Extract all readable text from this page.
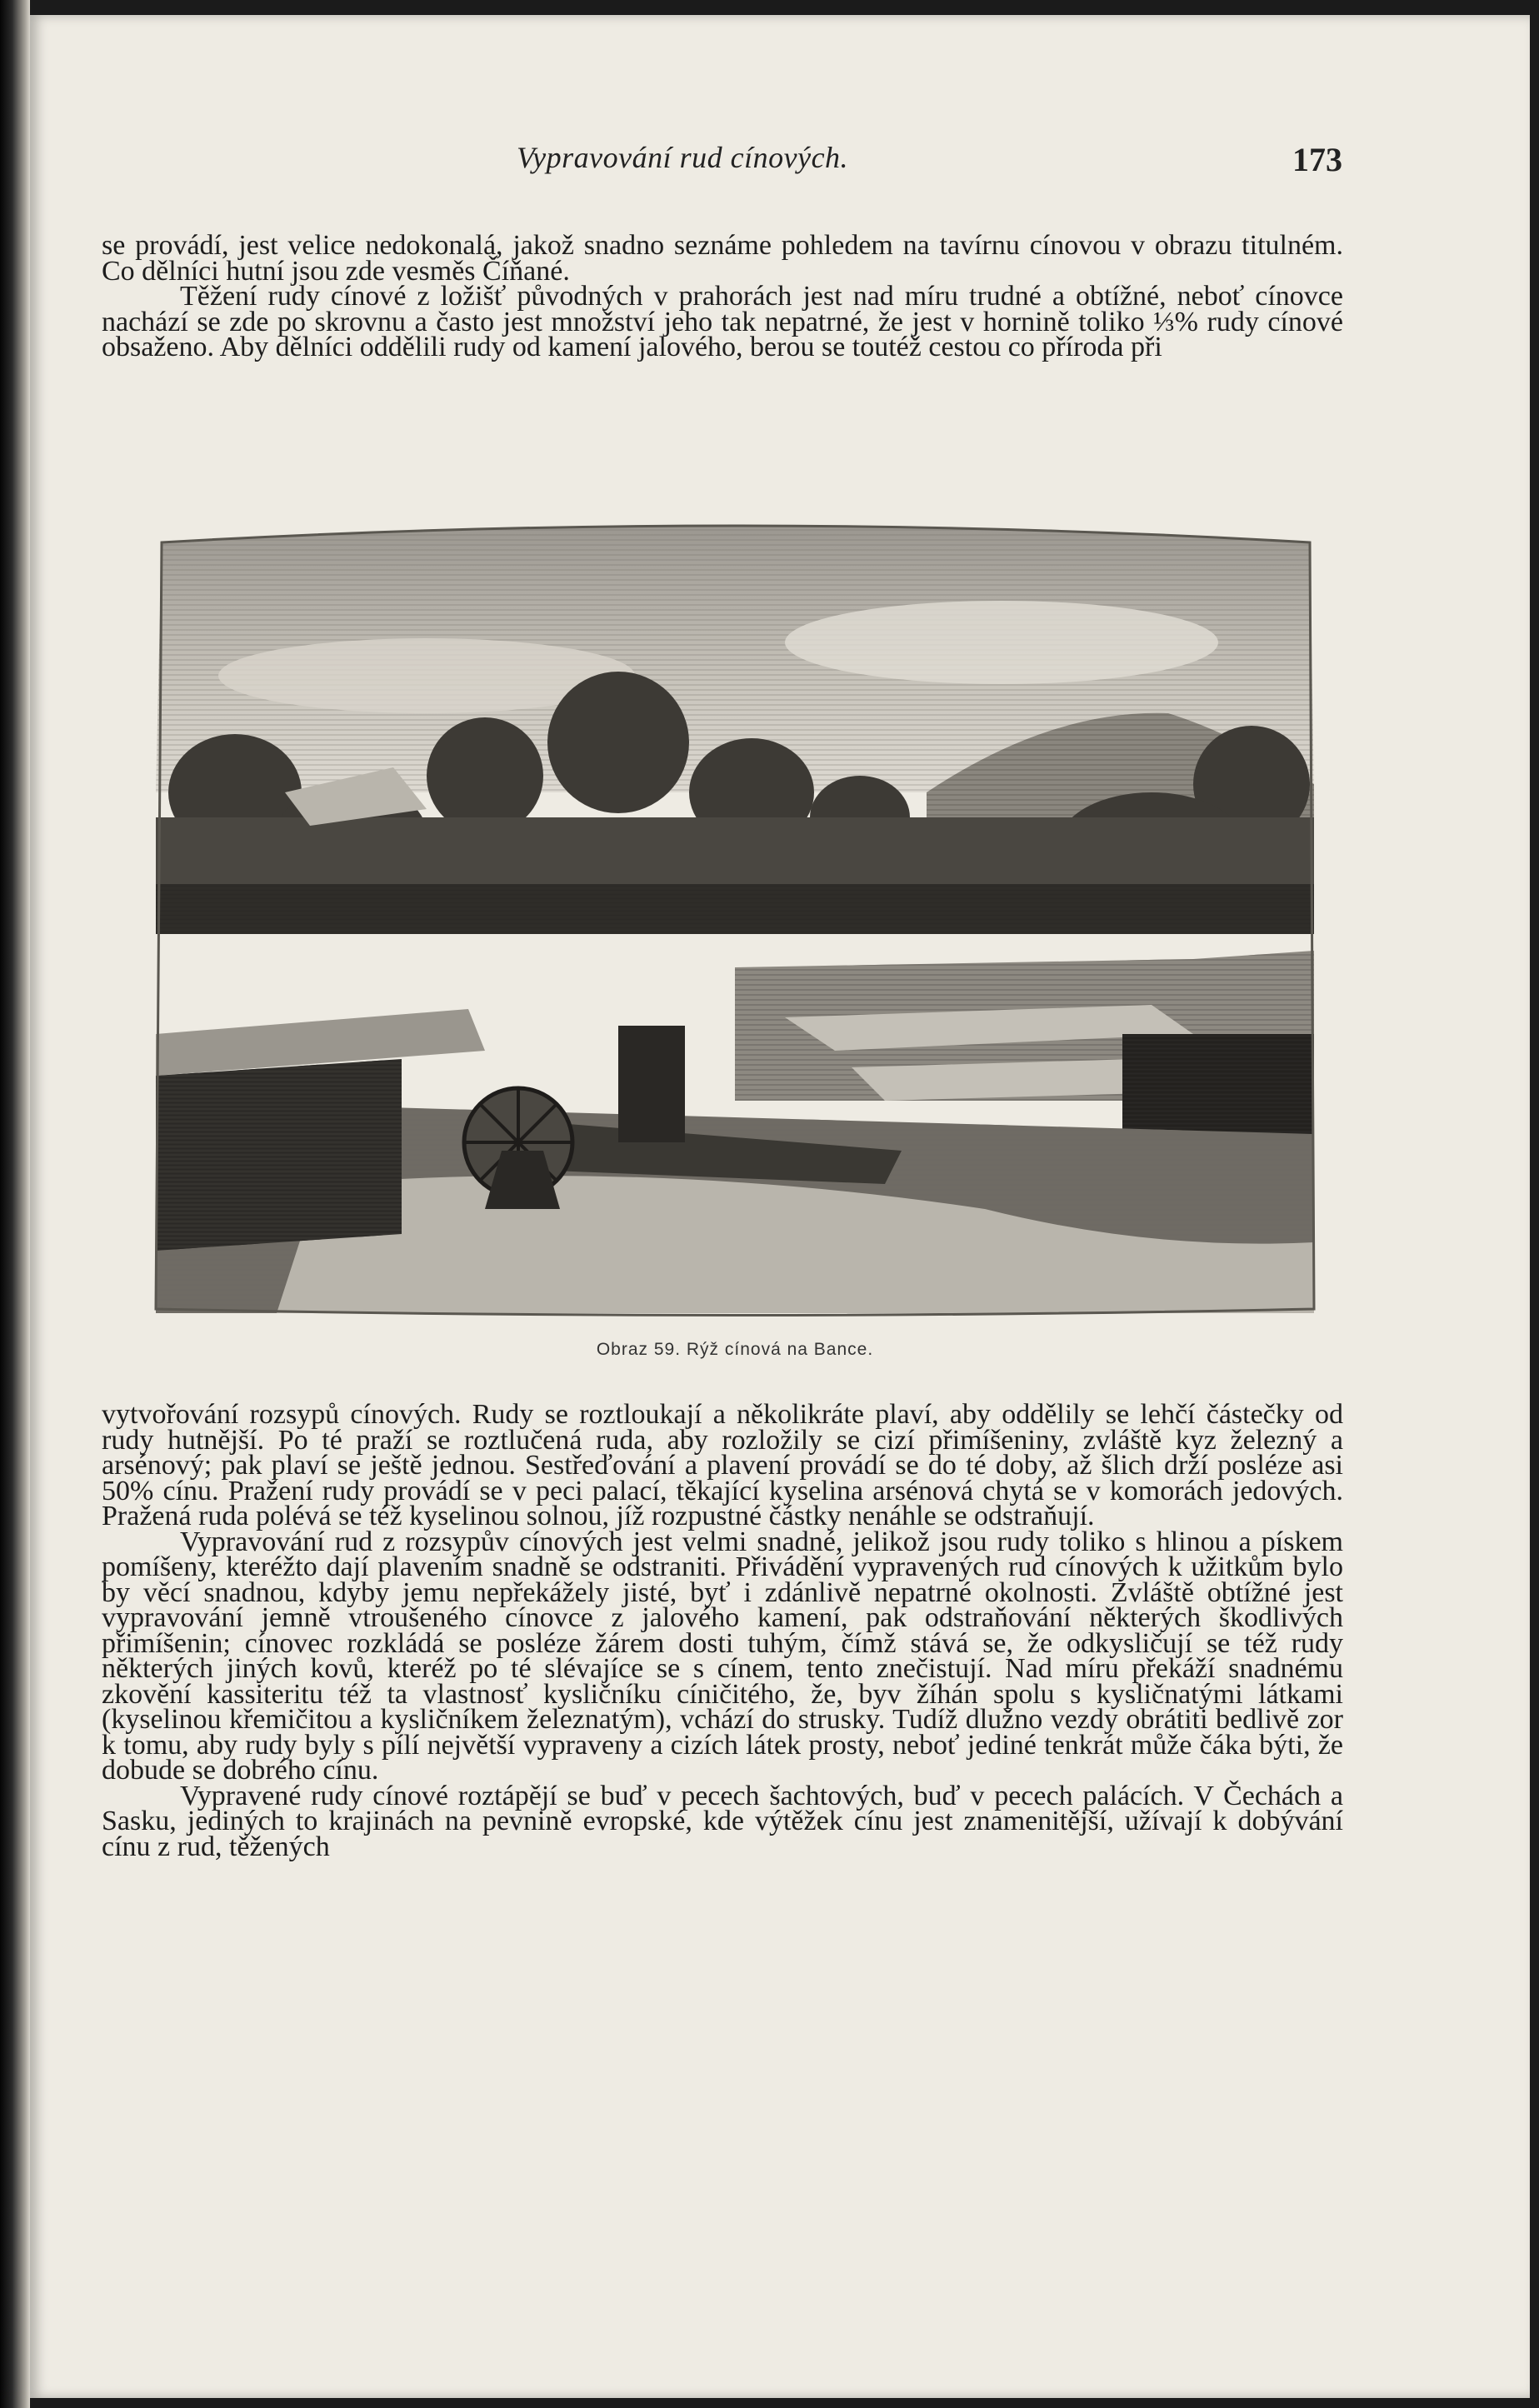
Vypravování rud cínových.	173

se provádí, jest velice nedokonalá, jakož snadno seznáme pohledem na tavírnu cínovou v obrazu titulném. Co dělníci hutní jsou zde vesměs Číňané.

Těžení rudy cínové z ložišť původných v prahorách jest nad míru trudné a obtížné, neboť cínovce nachází se zde po skrovnu a často jest množství jeho tak nepatrné, že jest v hornině toliko ⅓% rudy cínové obsaženo. Aby dělníci oddělili rudy od kamení jalového, berou se toutéž cestou co příroda při

Obraz 59. Rýž cínová na Bance.

vytvořování rozsypů cínových. Rudy se roztloukají a několikráte plaví, aby oddělily se lehčí částečky od rudy hutnější. Po té praží se roztlučená ruda, aby rozložily se cizí přimíšeniny, zvláště kyz železný a arsénový; pak plaví se ještě jednou. Sestřeďování a plavení provádí se do té doby, až šlich drží posléze asi 50% cínu. Pražení rudy provádí se v peci palací, těkající kyselina arsénová chytá se v komorách jedových. Pražená ruda polévá se též kyselinou solnou, jíž rozpustné částky nenáhle se odstraňují.

Vypravování rud z rozsypův cínových jest velmi snadné, jelikož jsou rudy toliko s hlinou a pískem pomíšeny, kteréžto dají plavením snadně se odstraniti. Přivádění vypravených rud cínových k užitkům bylo by věcí snadnou, kdyby jemu nepřekážely jisté, byť i zdánlivě nepatrné okolnosti. Zvláště obtížné jest vypravování jemně vtroušeného cínovce z jalového kamení, pak odstraňování některých škodlivých přimíšenin; cínovec rozkládá se posléze žárem dosti tuhým, čímž stává se, že odkysličují se též rudy některých jiných kovů, kteréž po té slévajíce se s cínem, tento znečistují. Nad míru překáží snadnému zkovění kassiteritu též ta vlastnosť kysličníku cíničitého, že, byv žíhán spolu s kysličnatými látkami (kyselinou křemičitou a kysličníkem železnatým), vchází do strusky. Tudíž dlužno vezdy obrátiti bedlivě zor k tomu, aby rudy byly s pílí největší vypraveny a cizích látek prosty, neboť jediné tenkrát může čáka býti, že dobude se dobrého cínu.

Vypravené rudy cínové roztápějí se buď v pecech šachtových, buď v pecech palácích. V Čechách a Sasku, jediných to krajinách na pevnině evropské, kde výtěžek cínu jest znamenitější, užívají k dobývání cínu z rud, těžených
